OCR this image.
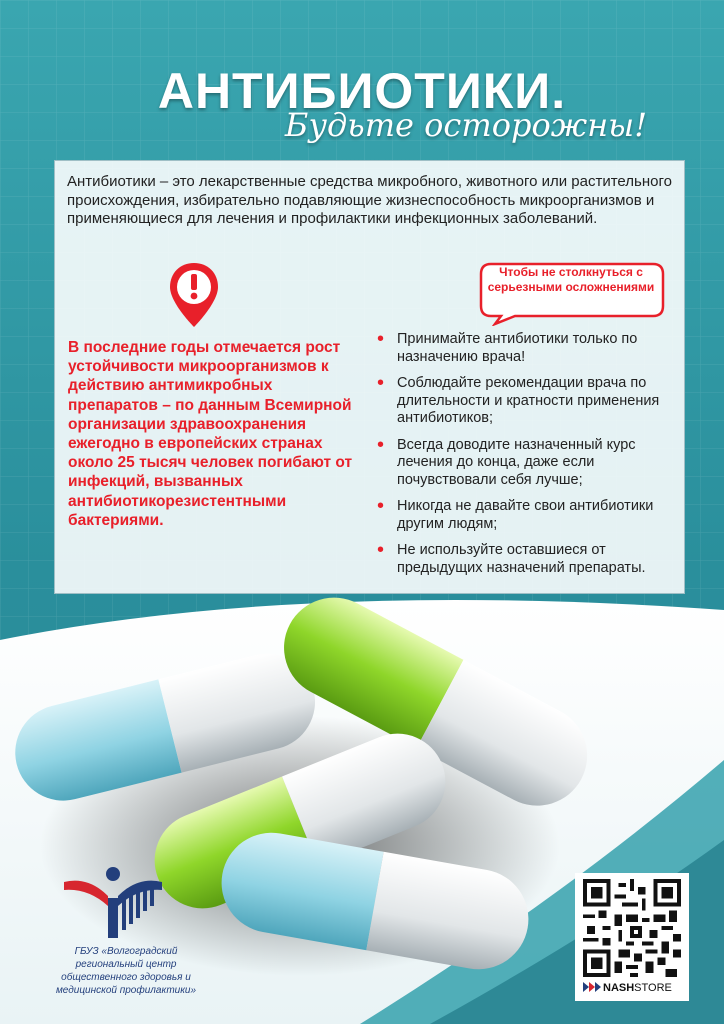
АНТИБИОТИКИ.
Будьте осторожны!

Антибиотики – это лекарственные средства микробного, животного или растительного происхождения, избирательно подавляющие жизнеспособность микроорганизмов и применяющиеся для лечения и профилактики инфекционных заболеваний.

В последние годы отмечается рост устойчивости микроорганизмов к действию антимикробных препаратов – по данным Всемирной организации здравоохранения ежегодно в европейских странах около 25 тысяч человек погибают от инфекций, вызванных антибиотикорезистентными бактериями.

Чтобы не столкнуться с серьезными осложнениями
• Принимайте антибиотики только по назначению врача!
• Соблюдайте рекомендации врача по длительности и кратности применения антибиотиков;
• Всегда доводите назначенный курс лечения до конца, даже если почувствовали себя лучше;
• Никогда не давайте свои антибиотики другим людям;
• Не используйте оставшиеся от предыдущих назначений препараты.

ГБУЗ «Волгоградский региональный центр общественного здоровья и медицинской профилактики»	NASHSTORE
